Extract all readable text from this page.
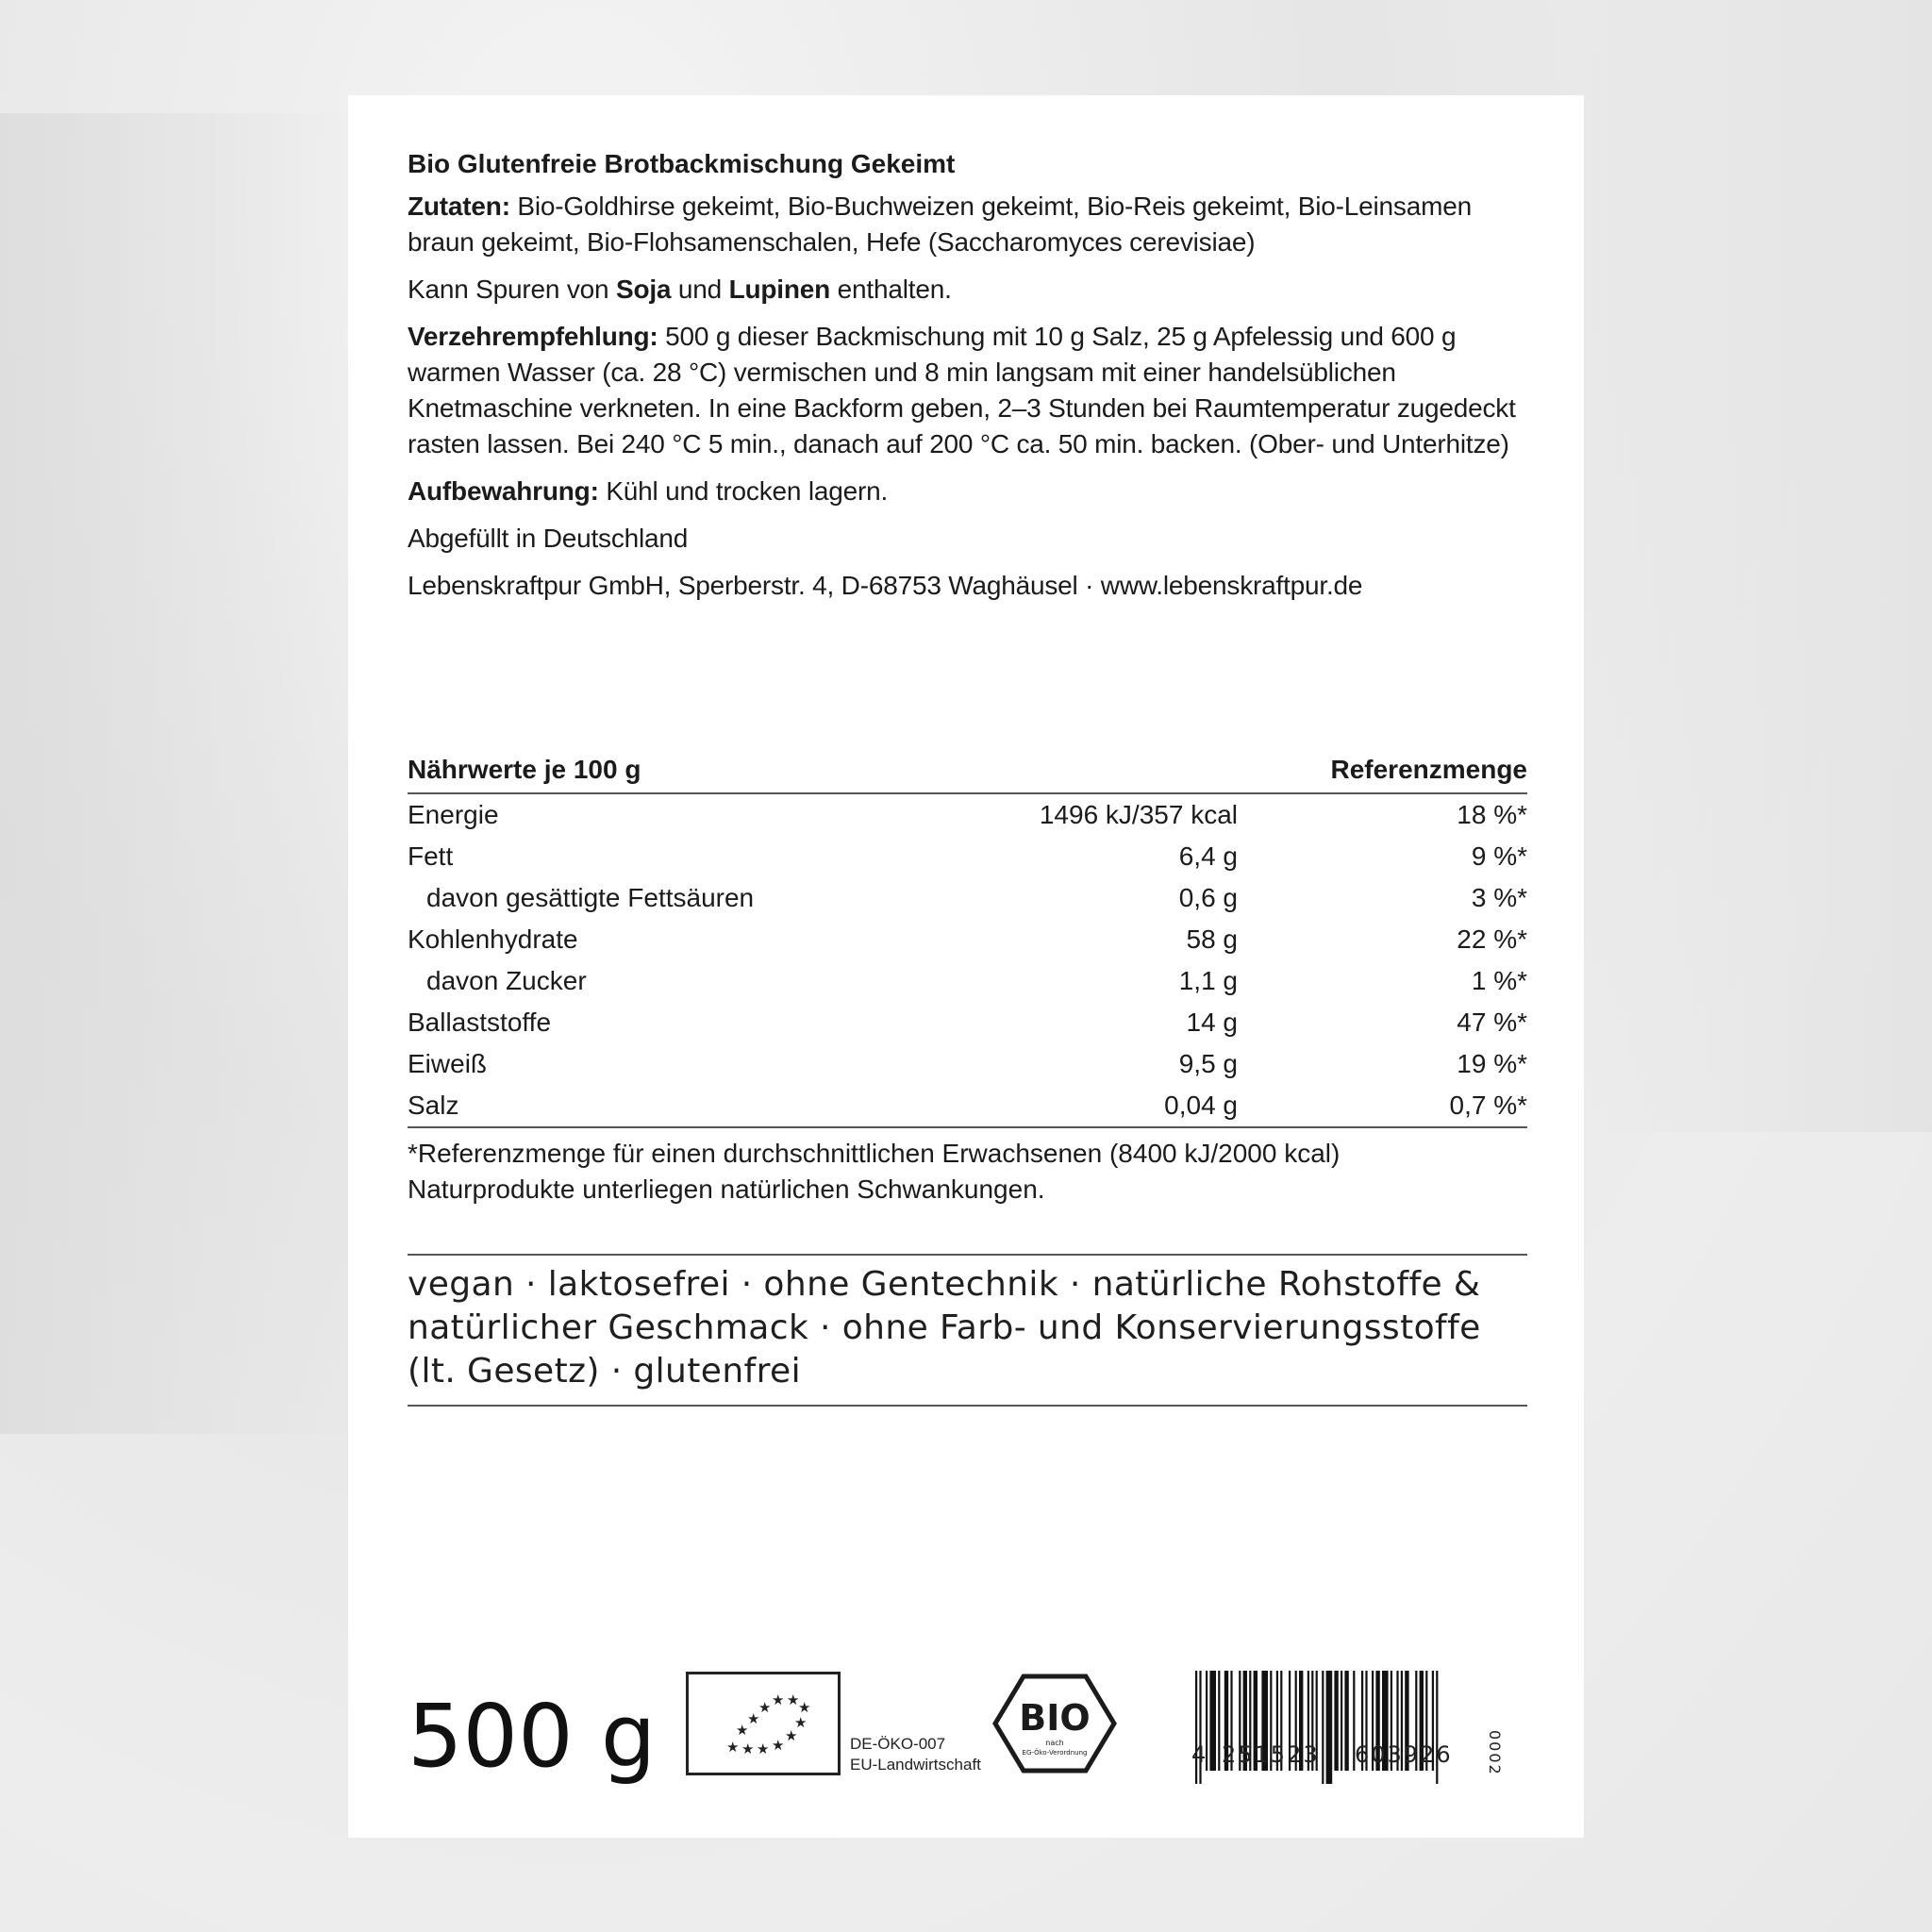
Bio Glutenfreie Brotbackmischung Gekeimt
Zutaten: Bio-Goldhirse gekeimt, Bio-Buchweizen gekeimt, Bio-Reis gekeimt, Bio-Leinsamen braun gekeimt, Bio-Flohsamenschalen, Hefe (Saccharomyces cerevisiae)
Kann Spuren von Soja und Lupinen enthalten.
Verzehrempfehlung: 500 g dieser Backmischung mit 10 g Salz, 25 g Apfelessig und 600 g warmen Wasser (ca. 28 °C) vermischen und 8 min langsam mit einer handelsüblichen Knetmaschine verkneten. In eine Backform geben, 2–3 Stunden bei Raumtemperatur zugedeckt rasten lassen. Bei 240 °C 5 min., danach auf 200 °C ca. 50 min. backen. (Ober- und Unterhitze)
Aufbewahrung: Kühl und trocken lagern.
Abgefüllt in Deutschland
Lebenskraftpur GmbH, Sperberstr. 4, D-68753 Waghäusel · www.lebenskraftpur.de
Nährwerte je 100 g	Referenzmenge
Energie	1496 kJ/357 kcal	18 %*
Fett	6,4 g	9 %*
davon gesättigte Fettsäuren	0,6 g	3 %*
Kohlenhydrate	58 g	22 %*
davon Zucker	1,1 g	1 %*
Ballaststoffe	14 g	47 %*
Eiweiß	9,5 g	19 %*
Salz	0,04 g	0,7 %*
*Referenzmenge für einen durchschnittlichen Erwachsenen (8400 kJ/2000 kcal)
Naturprodukte unterliegen natürlichen Schwankungen.
vegan · laktosefrei · ohne Gentechnik · natürliche Rohstoffe & natürlicher Geschmack · ohne Farb- und Konservierungsstoffe (lt. Gesetz) · glutenfrei
500 g	★ ★ ★ ★
★
★
★
★
★
★
★
★
DE-ÖKO-007
EU-Landwirtschaft
BIO
nach
EG-Öko-Verordnung	4 251523 603926 0002
